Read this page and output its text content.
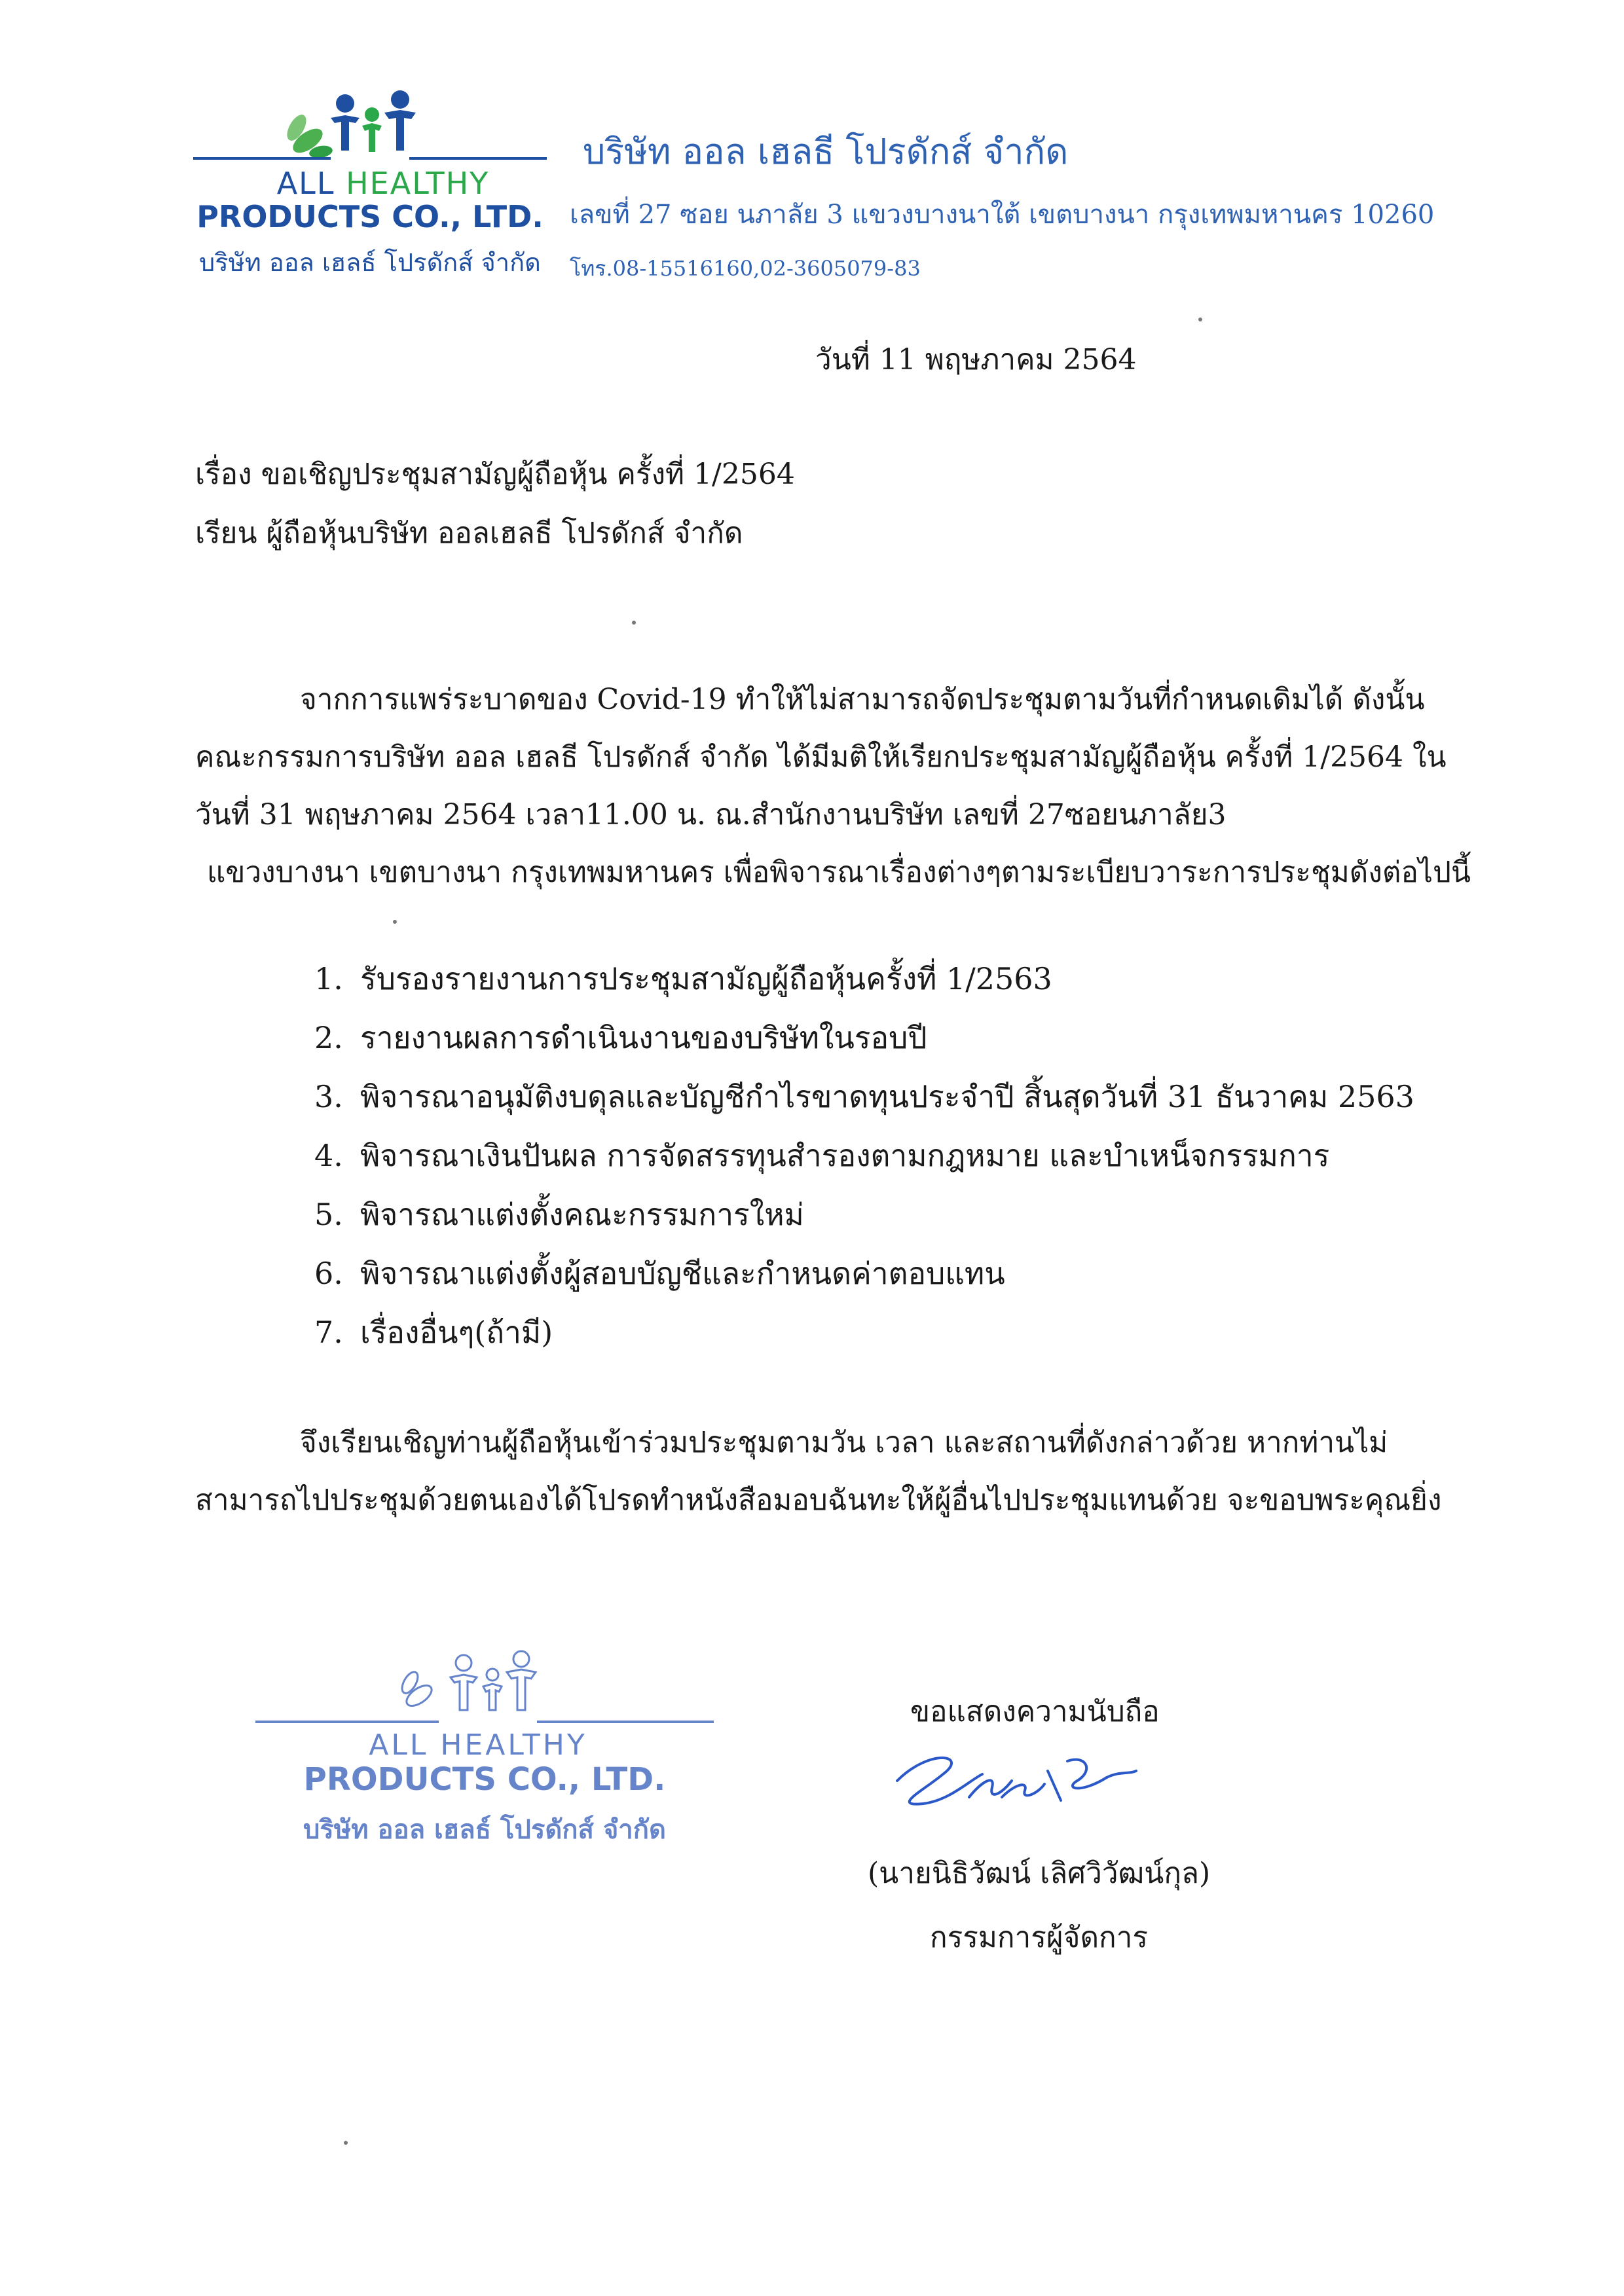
ALL HEALTHY
PRODUCTS CO., LTD.
บริษัท ออล เฮลธ์ โปรดักส์ จำกัด
บริษัท ออล เฮลธี โปรดักส์ จำกัด
เลขที่ 27 ซอย นภาลัย 3 แขวงบางนาใต้ เขตบางนา กรุงเทพมหานคร 10260
โทร.08-15516160,02-3605079-83
วันที่ 11 พฤษภาคม 2564
เรื่อง ขอเชิญประชุมสามัญผู้ถือหุ้น ครั้งที่ 1/2564
เรียน ผู้ถือหุ้นบริษัท ออลเฮลธี โปรดักส์ จำกัด
จากการแพร่ระบาดของ Covid-19 ทำให้ไม่สามารถจัดประชุมตามวันที่กำหนดเดิมได้ ดังนั้น
คณะกรรมการบริษัท ออล เฮลธี โปรดักส์ จำกัด ได้มีมติให้เรียกประชุมสามัญผู้ถือหุ้น ครั้งที่ 1/2564 ใน
วันที่ 31 พฤษภาคม 2564 เวลา11.00 น. ณ.สำนักงานบริษัท เลขที่ 27ซอยนภาลัย3
แขวงบางนา เขตบางนา กรุงเทพมหานคร เพื่อพิจารณาเรื่องต่างๆตามระเบียบวาระการประชุมดังต่อไปนี้
1. รับรองรายงานการประชุมสามัญผู้ถือหุ้นครั้งที่ 1/2563
2. รายงานผลการดำเนินงานของบริษัทในรอบปี
3. พิจารณาอนุมัติงบดุลและบัญชีกำไรขาดทุนประจำปี สิ้นสุดวันที่ 31 ธันวาคม 2563
4. พิจารณาเงินปันผล การจัดสรรทุนสำรองตามกฎหมาย และบำเหน็จกรรมการ
5. พิจารณาแต่งตั้งคณะกรรมการใหม่
6. พิจารณาแต่งตั้งผู้สอบบัญชีและกำหนดค่าตอบแทน
7. เรื่องอื่นๆ(ถ้ามี)
จึงเรียนเชิญท่านผู้ถือหุ้นเข้าร่วมประชุมตามวัน เวลา และสถานที่ดังกล่าวด้วย หากท่านไม่
สามารถไปประชุมด้วยตนเองได้โปรดทำหนังสือมอบฉันทะให้ผู้อื่นไปประชุมแทนด้วย จะขอบพระคุณยิ่ง
ALL HEALTHY
PRODUCTS CO., LTD.
บริษัท ออล เฮลธ์ โปรดักส์ จำกัด
ขอแสดงความนับถือ
(นายนิธิวัฒน์ เลิศวิวัฒน์กุล)
กรรมการผู้จัดการ
